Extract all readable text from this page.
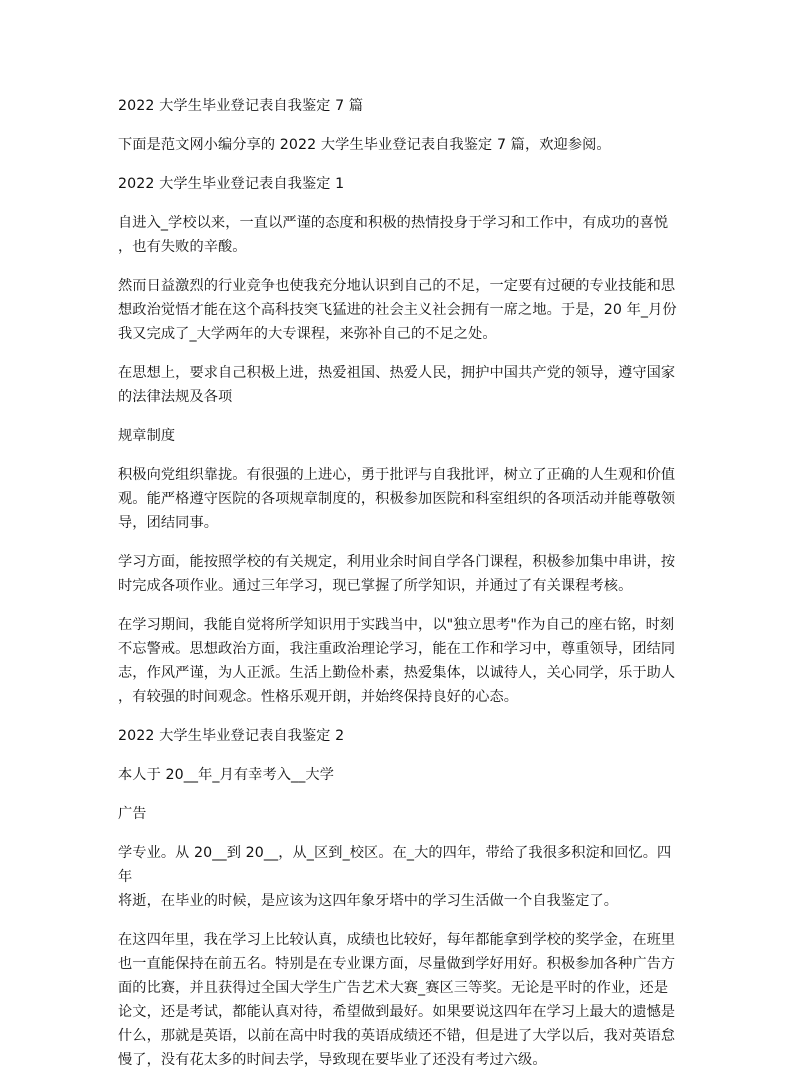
2022 大学生毕业登记表自我鉴定 7 篇

下面是范文网小编分享的 2022 大学生毕业登记表自我鉴定 7 篇，欢迎参阅。

2022 大学生毕业登记表自我鉴定 1

自进入_学校以来，一直以严谨的态度和积极的热情投身于学习和工作中，有成功的喜悦
，也有失败的辛酸。

然而日益激烈的行业竞争也使我充分地认识到自己的不足，一定要有过硬的专业技能和思
想政治觉悟才能在这个高科技突飞猛进的社会主义社会拥有一席之地。于是，20 年_月份
我又完成了_大学两年的大专课程，来弥补自己的不足之处。

在思想上，要求自己积极上进，热爱祖国、热爱人民，拥护中国共产党的领导，遵守国家
的法律法规及各项

规章制度

积极向党组织靠拢。有很强的上进心，勇于批评与自我批评，树立了正确的人生观和价值
观。能严格遵守医院的各项规章制度的，积极参加医院和科室组织的各项活动并能尊敬领
导，团结同事。

学习方面，能按照学校的有关规定，利用业余时间自学各门课程，积极参加集中串讲，按
时完成各项作业。通过三年学习，现已掌握了所学知识，并通过了有关课程考核。

在学习期间，我能自觉将所学知识用于实践当中，以"独立思考"作为自己的座右铭，时刻
不忘警戒。思想政治方面，我注重政治理论学习，能在工作和学习中，尊重领导，团结同
志，作风严谨，为人正派。生活上勤俭朴素，热爱集体，以诚待人，关心同学，乐于助人
，有较强的时间观念。性格乐观开朗，并始终保持良好的心态。

2022 大学生毕业登记表自我鉴定 2

本人于 20__年_月有幸考入__大学

广告

学专业。从 20__到 20__，从_区到_校区。在_大的四年，带给了我很多积淀和回忆。四年
将逝，在毕业的时候，是应该为这四年象牙塔中的学习生活做一个自我鉴定了。

在这四年里，我在学习上比较认真，成绩也比较好，每年都能拿到学校的奖学金，在班里
也一直能保持在前五名。特别是在专业课方面，尽量做到学好用好。积极参加各种广告方
面的比赛，并且获得过全国大学生广告艺术大赛_赛区三等奖。无论是平时的作业，还是
论文，还是考试，都能认真对待，希望做到最好。如果要说这四年在学习上最大的遗憾是
什么，那就是英语，以前在高中时我的英语成绩还不错，但是进了大学以后，我对英语怠
慢了，没有花太多的时间去学，导致现在要毕业了还没有考过六级。
